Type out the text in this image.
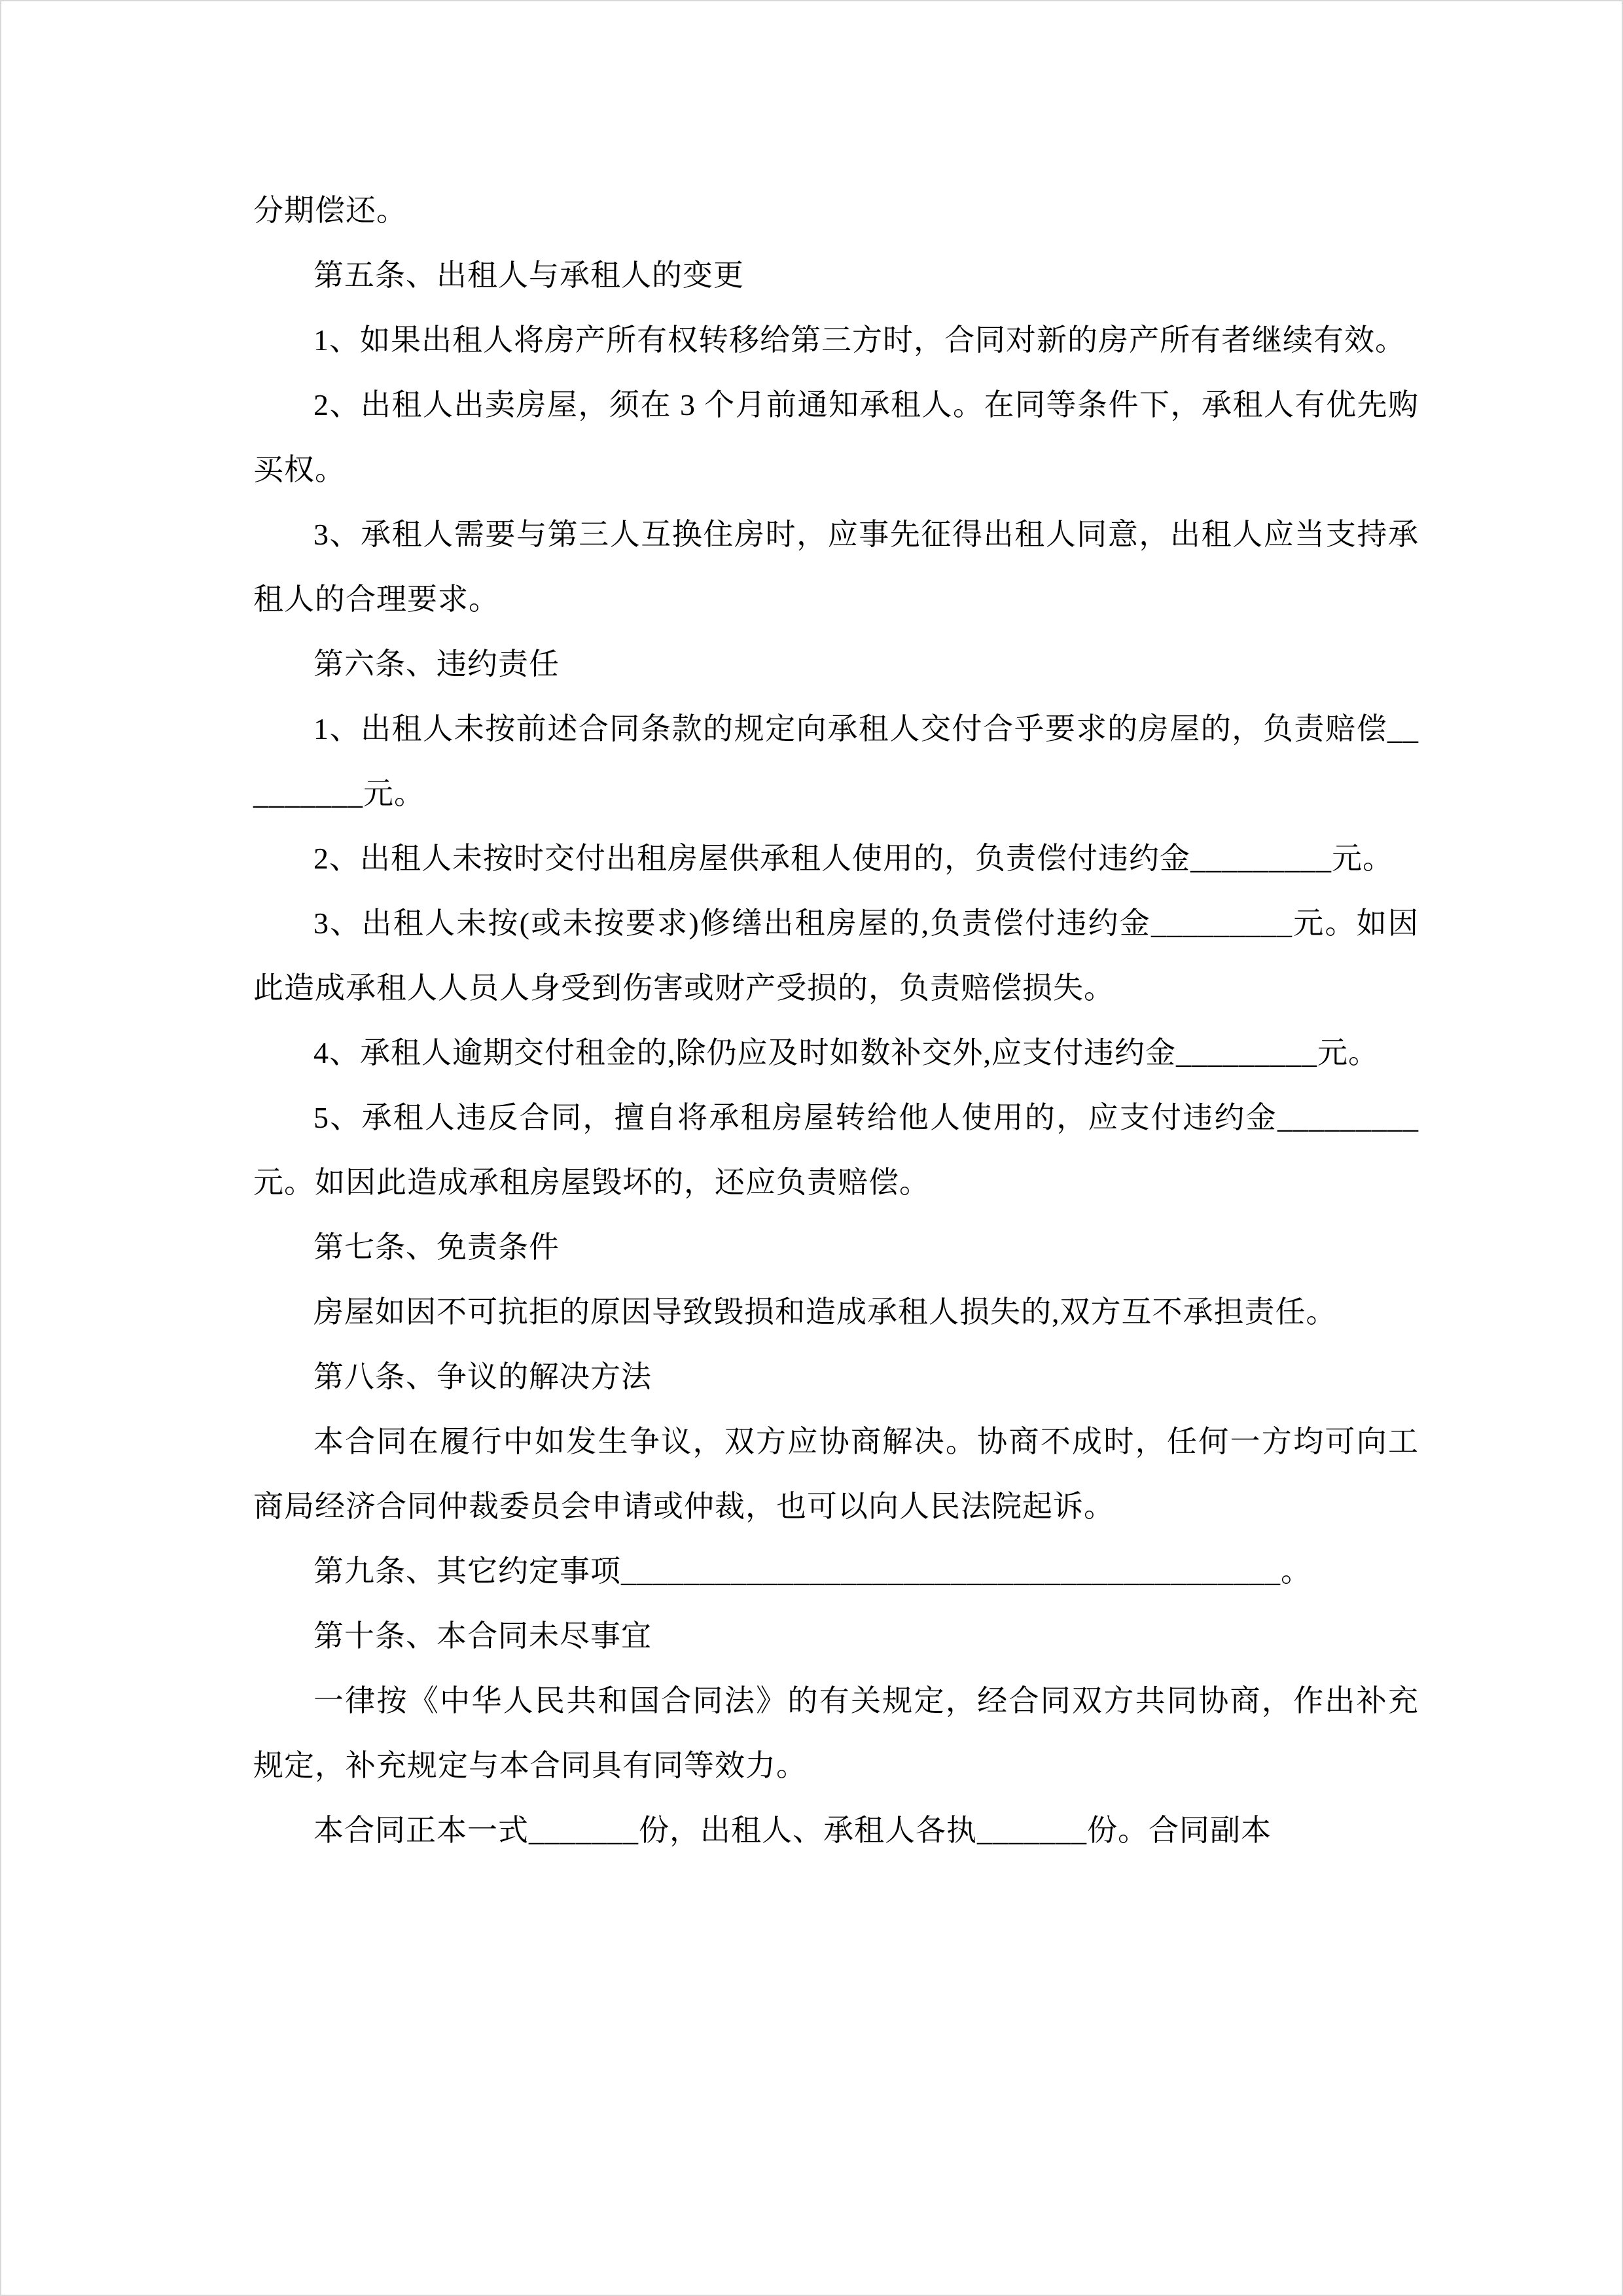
分期偿还。

第五条、出租人与承租人的变更

1、如果出租人将房产所有权转移给第三方时，合同对新的房产所有者继续有效。

2、出租人出卖房屋，须在 3 个月前通知承租人。在同等条件下，承租人有优先购买权。

3、承租人需要与第三人互换住房时，应事先征得出租人同意，出租人应当支持承租人的合理要求。

第六条、违约责任

1、出租人未按前述合同条款的规定向承租人交付合乎要求的房屋的，负责赔偿_________元。

2、出租人未按时交付出租房屋供承租人使用的，负责偿付违约金_________元。

3、出租人未按(或未按要求)修缮出租房屋的,负责偿付违约金_________元。如因此造成承租人人员人身受到伤害或财产受损的，负责赔偿损失。

4、承租人逾期交付租金的,除仍应及时如数补交外,应支付违约金_________元。

5、承租人违反合同，擅自将承租房屋转给他人使用的，应支付违约金_________元。如因此造成承租房屋毁坏的，还应负责赔偿。

第七条、免责条件

房屋如因不可抗拒的原因导致毁损和造成承租人损失的,双方互不承担责任。

第八条、争议的解决方法

本合同在履行中如发生争议，双方应协商解决。协商不成时，任何一方均可向工商局经济合同仲裁委员会申请或仲裁，也可以向人民法院起诉。

第九条、其它约定事项__________________________________________。

第十条、本合同未尽事宜

一律按《中华人民共和国合同法》的有关规定，经合同双方共同协商，作出补充规定，补充规定与本合同具有同等效力。

本合同正本一式_______份，出租人、承租人各执_______份。合同副本
